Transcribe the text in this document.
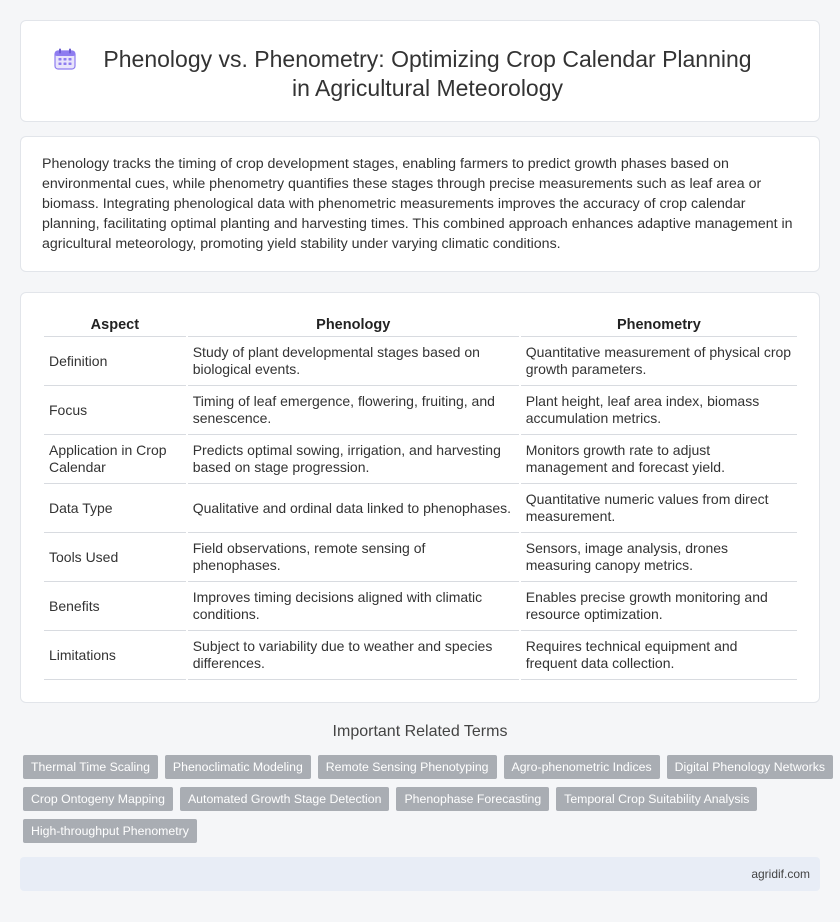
Phenology vs. Phenometry: Optimizing Crop Calendar Planning in Agricultural Meteorology

Phenology tracks the timing of crop development stages, enabling farmers to predict growth phases based on environmental cues, while phenometry quantifies these stages through precise measurements such as leaf area or biomass. Integrating phenological data with phenometric measurements improves the accuracy of crop calendar planning, facilitating optimal planting and harvesting times. This combined approach enhances adaptive management in agricultural meteorology, promoting yield stability under varying climatic conditions.

Aspect	Phenology	Phenometry
Definition	Study of plant developmental stages based on biological events.	Quantitative measurement of physical crop growth parameters.
Focus	Timing of leaf emergence, flowering, fruiting, and senescence.	Plant height, leaf area index, biomass accumulation metrics.
Application in Crop Calendar	Predicts optimal sowing, irrigation, and harvesting based on stage progression.	Monitors growth rate to adjust management and forecast yield.
Data Type	Qualitative and ordinal data linked to phenophases.	Quantitative numeric values from direct measurement.
Tools Used	Field observations, remote sensing of phenophases.	Sensors, image analysis, drones measuring canopy metrics.
Benefits	Improves timing decisions aligned with climatic conditions.	Enables precise growth monitoring and resource optimization.
Limitations	Subject to variability due to weather and species differences.	Requires technical equipment and frequent data collection.
Important Related Terms
Thermal Time Scaling	Phenoclimatic Modeling	Remote Sensing Phenotyping	Agro-phenometric Indices	Digital Phenology Networks
Crop Ontogeny Mapping	Automated Growth Stage Detection	Phenophase Forecasting	Temporal Crop Suitability Analysis
High-throughput Phenometry
agridif.com
